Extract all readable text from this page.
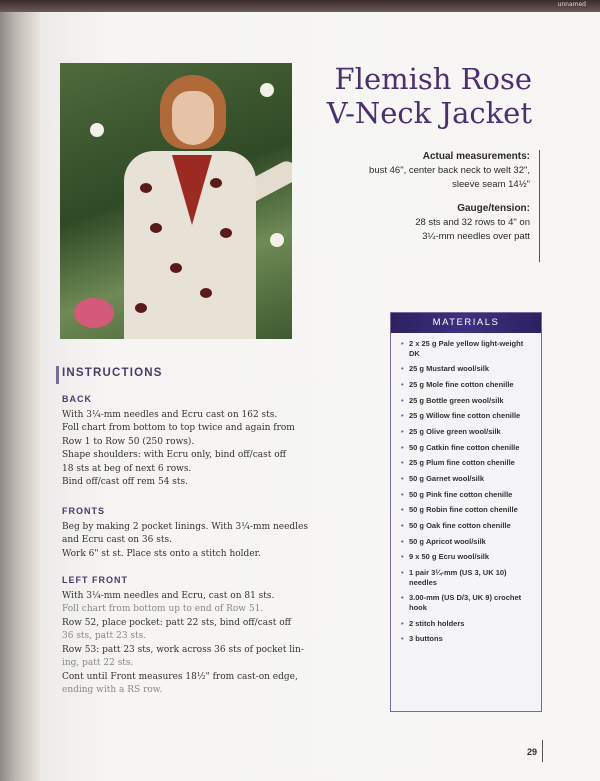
unnamed
Flemish Rose
V-Neck Jacket
Actual measurements:
bust 46", center back neck to welt 32",
sleeve seam 14½"
Gauge/tension:
28 sts and 32 rows to 4" on
3¼-mm needles over patt
MATERIALS
• 2 x 25 g Pale yellow light-weight DK
• 25 g Mustard wool/silk
• 25 g Mole fine cotton chenille
• 25 g Bottle green wool/silk
• 25 g Willow fine cotton chenille
• 25 g Olive green wool/silk
• 50 g Catkin fine cotton chenille
• 25 g Plum fine cotton chenille
• 50 g Garnet wool/silk
• 50 g Pink fine cotton chenille
• 50 g Robin fine cotton chenille
• 50 g Oak fine cotton chenille
• 50 g Apricot wool/silk
• 9 x 50 g Ecru wool/silk
• 1 pair 3¼-mm (US 3, UK 10) needles
• 3.00-mm (US D/3, UK 9) crochet hook
• 2 stitch holders
• 3 buttons
INSTRUCTIONS
BACK

With 3¼-mm needles and Ecru cast on 162 sts.

Foll chart from bottom to top twice and again from

Row 1 to Row 50 (250 rows).

Shape shoulders: with Ecru only, bind off/cast off

18 sts at beg of next 6 rows.

Bind off/cast off rem 54 sts.

FRONTS

Beg by making 2 pocket linings. With 3¼-mm needles

and Ecru cast on 36 sts.

Work 6" st st. Place sts onto a stitch holder.

LEFT FRONT

With 3¼-mm needles and Ecru, cast on 81 sts.

Foll chart from bottom up to end of Row 51.

Row 52, place pocket: patt 22 sts, bind off/cast off

36 sts, patt 23 sts.

Row 53: patt 23 sts, work across 36 sts of pocket lin-

ing, patt 22 sts.

Cont until Front measures 18½" from cast-on edge,

ending with a RS row.

29
